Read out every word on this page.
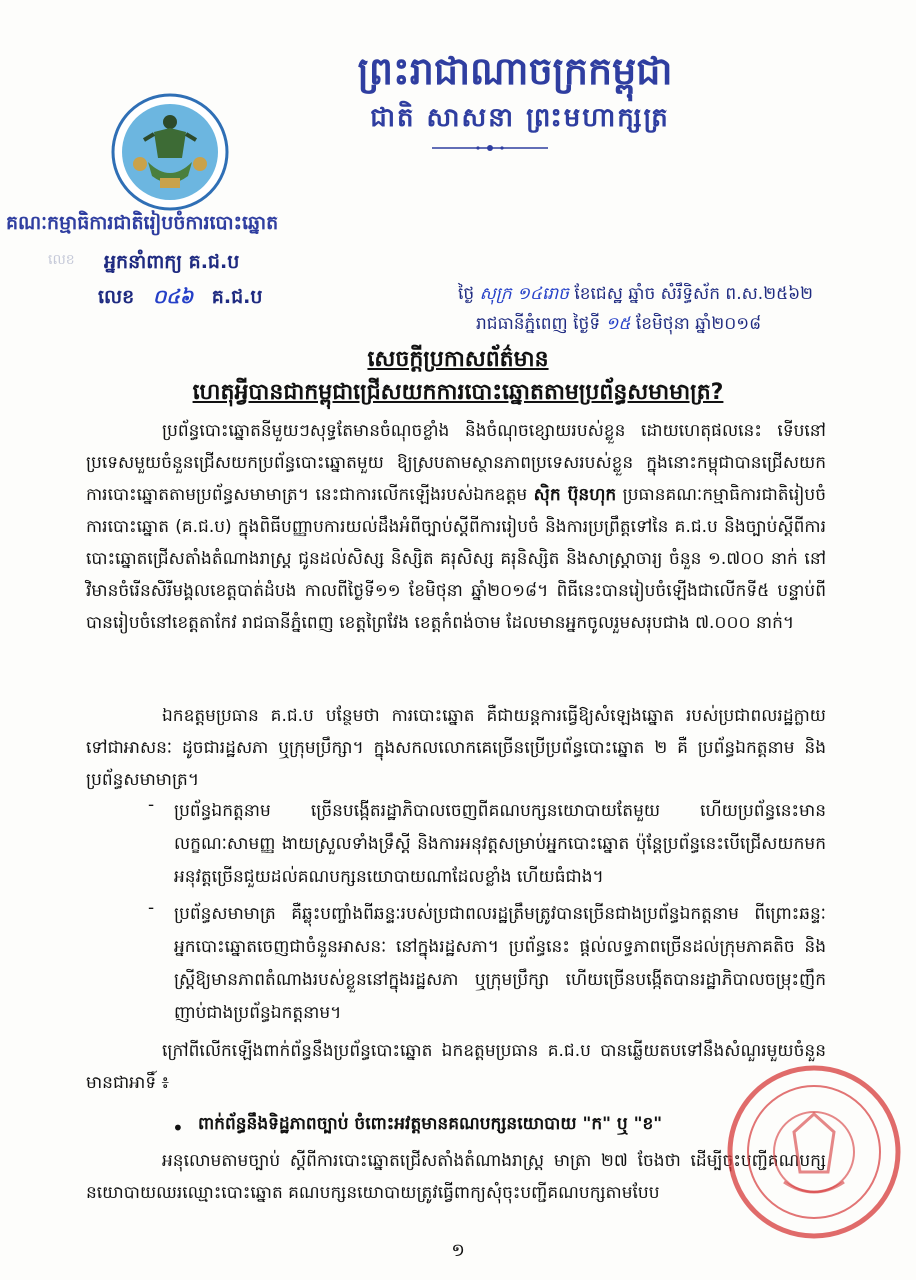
ព្រះរាជាណាចក្រកម្ពុជា
ជាតិ សាសនា ព្រះមហាក្សត្រ
គណៈកម្មាធិការជាតិរៀបចំការបោះឆ្នោត
លេខ អ្នកនាំពាក្យ គ.ជ.ប
លេខ ០៤៦ គ.ជ.ប	ថ្ងៃ សុក្រ ១៤រោច ខែជេស្ឋ ឆ្នាំច សំរឹទ្ធិស័ក ព.ស.២៥៦២
រាជធានីភ្នំពេញ ថ្ងៃទី ១៥ ខែមិថុនា ឆ្នាំ២០១៨
សេចក្តីប្រកាសព័ត៌មាន
ហេតុអ្វីបានជាកម្ពុជាជ្រើសយកការបោះឆ្នោតតាមប្រព័ន្ធសមាមាត្រ?

ប្រព័ន្ធបោះឆ្នោតនីមួយៗសុទ្ធតែមានចំណុចខ្លាំង និងចំណុចខ្សោយរបស់ខ្លួន ដោយហេតុផលនេះ ទើបនៅប្រទេសមួយចំនួនជ្រើសយកប្រព័ន្ធបោះឆ្នោតមួយ ឱ្យស្របតាមស្ថានភាពប្រទេសរបស់ខ្លួន ក្នុងនោះកម្ពុជាបានជ្រើសយកការបោះឆ្នោតតាមប្រព័ន្ធសមាមាត្រ។ នេះជាការលើកឡើងរបស់ឯកឧត្តម ស៊ិក ប៊ុនហុក ប្រធានគណៈកម្មាធិការជាតិរៀបចំការបោះឆ្នោត (គ.ជ.ប) ក្នុងពិធីបញ្ញាបការយល់ដឹងអំពីច្បាប់ស្តីពីការរៀបចំ និងការប្រព្រឹត្តទៅនៃ គ.ជ.ប និងច្បាប់ស្តីពីការបោះឆ្នោតជ្រើសតាំងតំណាងរាស្ត្រ ជូនដល់សិស្ស និស្សិត គរុសិស្ស គរុនិស្សិត និងសាស្ត្រាចារ្យ ចំនួន ១.៧០០ នាក់ នៅវិមានចំរើនសិរីមង្គលខេត្តបាត់ដំបង កាលពីថ្ងៃទី១១ ខែមិថុនា ឆ្នាំ២០១៨។ ពិធីនេះបានរៀបចំឡើងជាលើកទី៥ បន្ទាប់ពីបានរៀបចំនៅខេត្តតាកែវ រាជធានីភ្នំពេញ ខេត្តព្រៃវែង ខេត្តកំពង់ចាម ដែលមានអ្នកចូលរួមសរុបជាង ៧.០០០ នាក់។

ឯកឧត្តមប្រធាន គ.ជ.ប បន្ថែមថា ការបោះឆ្នោត គឺជាយន្តការធ្វើឱ្យសំឡេងឆ្នោត របស់ប្រជាពលរដ្ឋក្លាយទៅជាអាសនៈ ដូចជារដ្ឋសភា ឬក្រុមប្រឹក្សា។ ក្នុងសកលលោកគេច្រើនប្រើប្រព័ន្ធបោះឆ្នោត ២ គឺ ប្រព័ន្ធឯកត្តនាម និងប្រព័ន្ធសមាមាត្រ។

- ប្រព័ន្ធឯកត្តនាម ច្រើនបង្កើតរដ្ឋាភិបាលចេញពីគណបក្សនយោបាយតែមួយ ហើយប្រព័ន្ធនេះមានលក្ខណៈសាមញ្ញ ងាយស្រួលទាំងទ្រឹស្តី និងការអនុវត្តសម្រាប់អ្នកបោះឆ្នោត ប៉ុន្តែប្រព័ន្ធនេះបើជ្រើសយកមកអនុវត្តច្រើនជួយដល់គណបក្សនយោបាយណាដែលខ្លាំង ហើយធំជាង។

- ប្រព័ន្ធសមាមាត្រ គឺឆ្លុះបញ្ចាំងពីឆន្ទៈរបស់ប្រជាពលរដ្ឋត្រឹមត្រូវបានច្រើនជាងប្រព័ន្ធឯកត្តនាម ពីព្រោះឆន្ទៈអ្នកបោះឆ្នោតចេញជាចំនួនអាសនៈ នៅក្នុងរដ្ឋសភា។ ប្រព័ន្ធនេះ ផ្តល់លទ្ធភាពច្រើនដល់ក្រុមភាគតិច និងស្ត្រីឱ្យមានភាពតំណាងរបស់ខ្លួននៅក្នុងរដ្ឋសភា ឬក្រុមប្រឹក្សា ហើយច្រើនបង្កើតបានរដ្ឋាភិបាលចម្រុះញឹកញាប់ជាងប្រព័ន្ធឯកត្តនាម។

ក្រៅពីលើកឡើងពាក់ព័ន្ធនឹងប្រព័ន្ធបោះឆ្នោត ឯកឧត្តមប្រធាន គ.ជ.ប បានឆ្លើយតបទៅនឹងសំណួរមួយចំនួនមានជាអាទិ៍ ៖

• ពាក់ព័ន្ធនឹងទិដ្ឋភាពច្បាប់ ចំពោះអវត្តមានគណបក្សនយោបាយ "ក" ឬ "ខ"

អនុលោមតាមច្បាប់ ស្តីពីការបោះឆ្នោតជ្រើសតាំងតំណាងរាស្ត្រ មាត្រា ២៧ ចែងថា ដើម្បីចុះបញ្ជីគណបក្សនយោបាយឈរឈ្មោះបោះឆ្នោត គណបក្សនយោបាយត្រូវធ្វើពាក្យសុំចុះបញ្ជីគណបក្សតាមបែប

១
